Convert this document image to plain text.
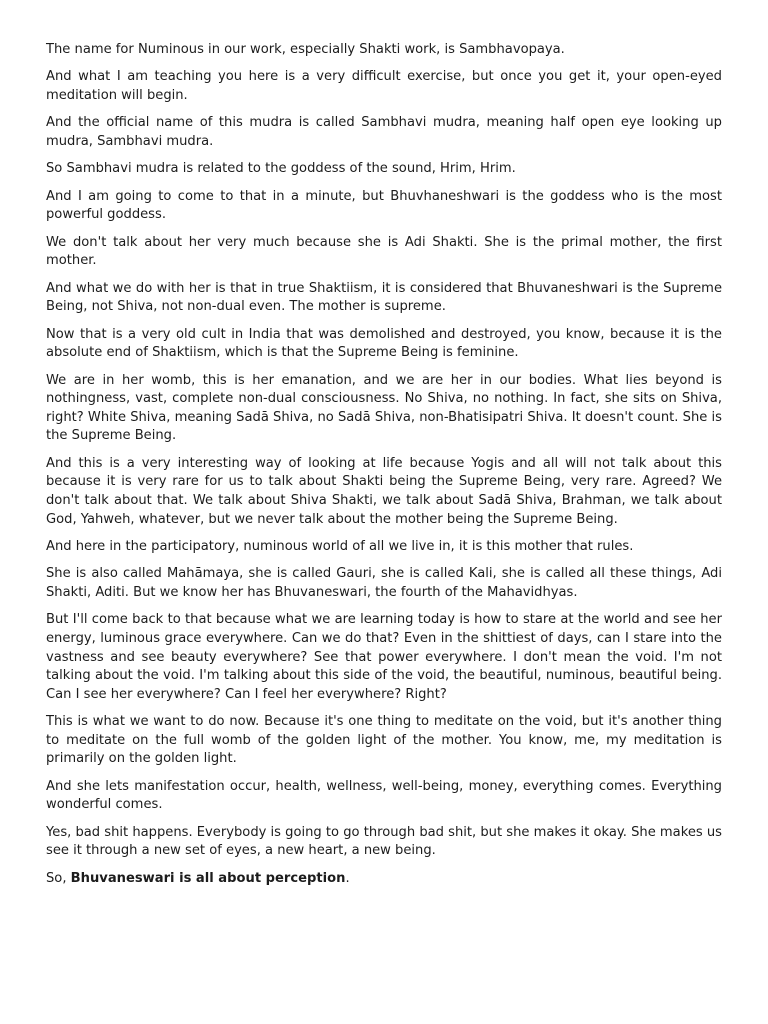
The name for Numinous in our work, especially Shakti work, is Sambhavopaya.

And what I am teaching you here is a very difficult exercise, but once you get it, your open-eyed meditation will begin.

And the official name of this mudra is called Sambhavi mudra, meaning half open eye looking up mudra, Sambhavi mudra.

So Sambhavi mudra is related to the goddess of the sound, Hrim, Hrim.

And I am going to come to that in a minute, but Bhuvhaneshwari is the goddess who is the most powerful goddess.

We don't talk about her very much because she is Adi Shakti. She is the primal mother, the first mother.

And what we do with her is that in true Shaktiism, it is considered that Bhuvaneshwari is the Supreme Being, not Shiva, not non-dual even. The mother is supreme.

Now that is a very old cult in India that was demolished and destroyed, you know, because it is the absolute end of Shaktiism, which is that the Supreme Being is feminine.

We are in her womb, this is her emanation, and we are her in our bodies. What lies beyond is nothingness, vast, complete non-dual consciousness. No Shiva, no nothing. In fact, she sits on Shiva, right? White Shiva, meaning Sadā Shiva, no Sadā Shiva, non-Bhatisipatri Shiva. It doesn't count. She is the Supreme Being.

And this is a very interesting way of looking at life because Yogis and all will not talk about this because it is very rare for us to talk about Shakti being the Supreme Being, very rare. Agreed? We don't talk about that. We talk about Shiva Shakti, we talk about Sadā Shiva, Brahman, we talk about God, Yahweh, whatever, but we never talk about the mother being the Supreme Being.

And here in the participatory, numinous world of all we live in, it is this mother that rules.

She is also called Mahāmaya, she is called Gauri, she is called Kali, she is called all these things, Adi Shakti, Aditi. But we know her has Bhuvaneswari, the fourth of the Mahavidhyas.

But I'll come back to that because what we are learning today is how to stare at the world and see her energy, luminous grace everywhere. Can we do that? Even in the shittiest of days, can I stare into the vastness and see beauty everywhere? See that power everywhere. I don't mean the void. I'm not talking about the void. I'm talking about this side of the void, the beautiful, numinous, beautiful being. Can I see her everywhere? Can I feel her everywhere? Right?

This is what we want to do now. Because it's one thing to meditate on the void, but it's another thing to meditate on the full womb of the golden light of the mother. You know, me, my meditation is primarily on the golden light.

And she lets manifestation occur, health, wellness, well-being, money, everything comes. Everything wonderful comes.

Yes, bad shit happens. Everybody is going to go through bad shit, but she makes it okay. She makes us see it through a new set of eyes, a new heart, a new being.

So, Bhuvaneswari is all about perception.
